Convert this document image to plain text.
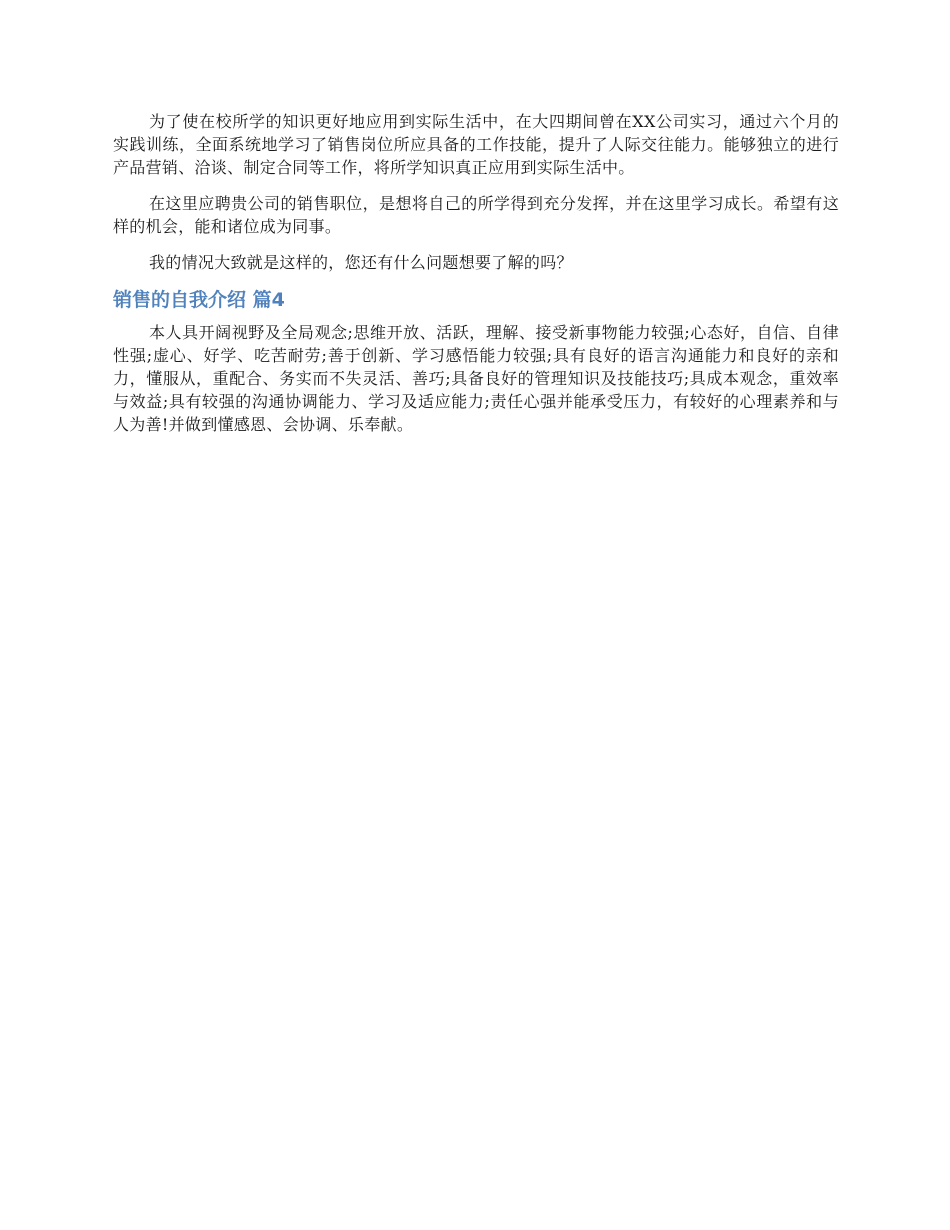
为了使在校所学的知识更好地应用到实际生活中，在大四期间曾在XX公司实习，通过六个月的实践训练，全面系统地学习了销售岗位所应具备的工作技能，提升了人际交往能力。能够独立的进行产品营销、洽谈、制定合同等工作，将所学知识真正应用到实际生活中。

在这里应聘贵公司的销售职位，是想将自己的所学得到充分发挥，并在这里学习成长。希望有这样的机会，能和诸位成为同事。

我的情况大致就是这样的，您还有什么问题想要了解的吗？

销售的自我介绍 篇4

本人具开阔视野及全局观念;思维开放、活跃，理解、接受新事物能力较强;心态好，自信、自律性强;虚心、好学、吃苦耐劳;善于创新、学习感悟能力较强;具有良好的语言沟通能力和良好的亲和力，懂服从，重配合、务实而不失灵活、善巧;具备良好的管理知识及技能技巧;具成本观念，重效率与效益;具有较强的沟通协调能力、学习及适应能力;责任心强并能承受压力，有较好的心理素养和与人为善!并做到懂感恩、会协调、乐奉献。
